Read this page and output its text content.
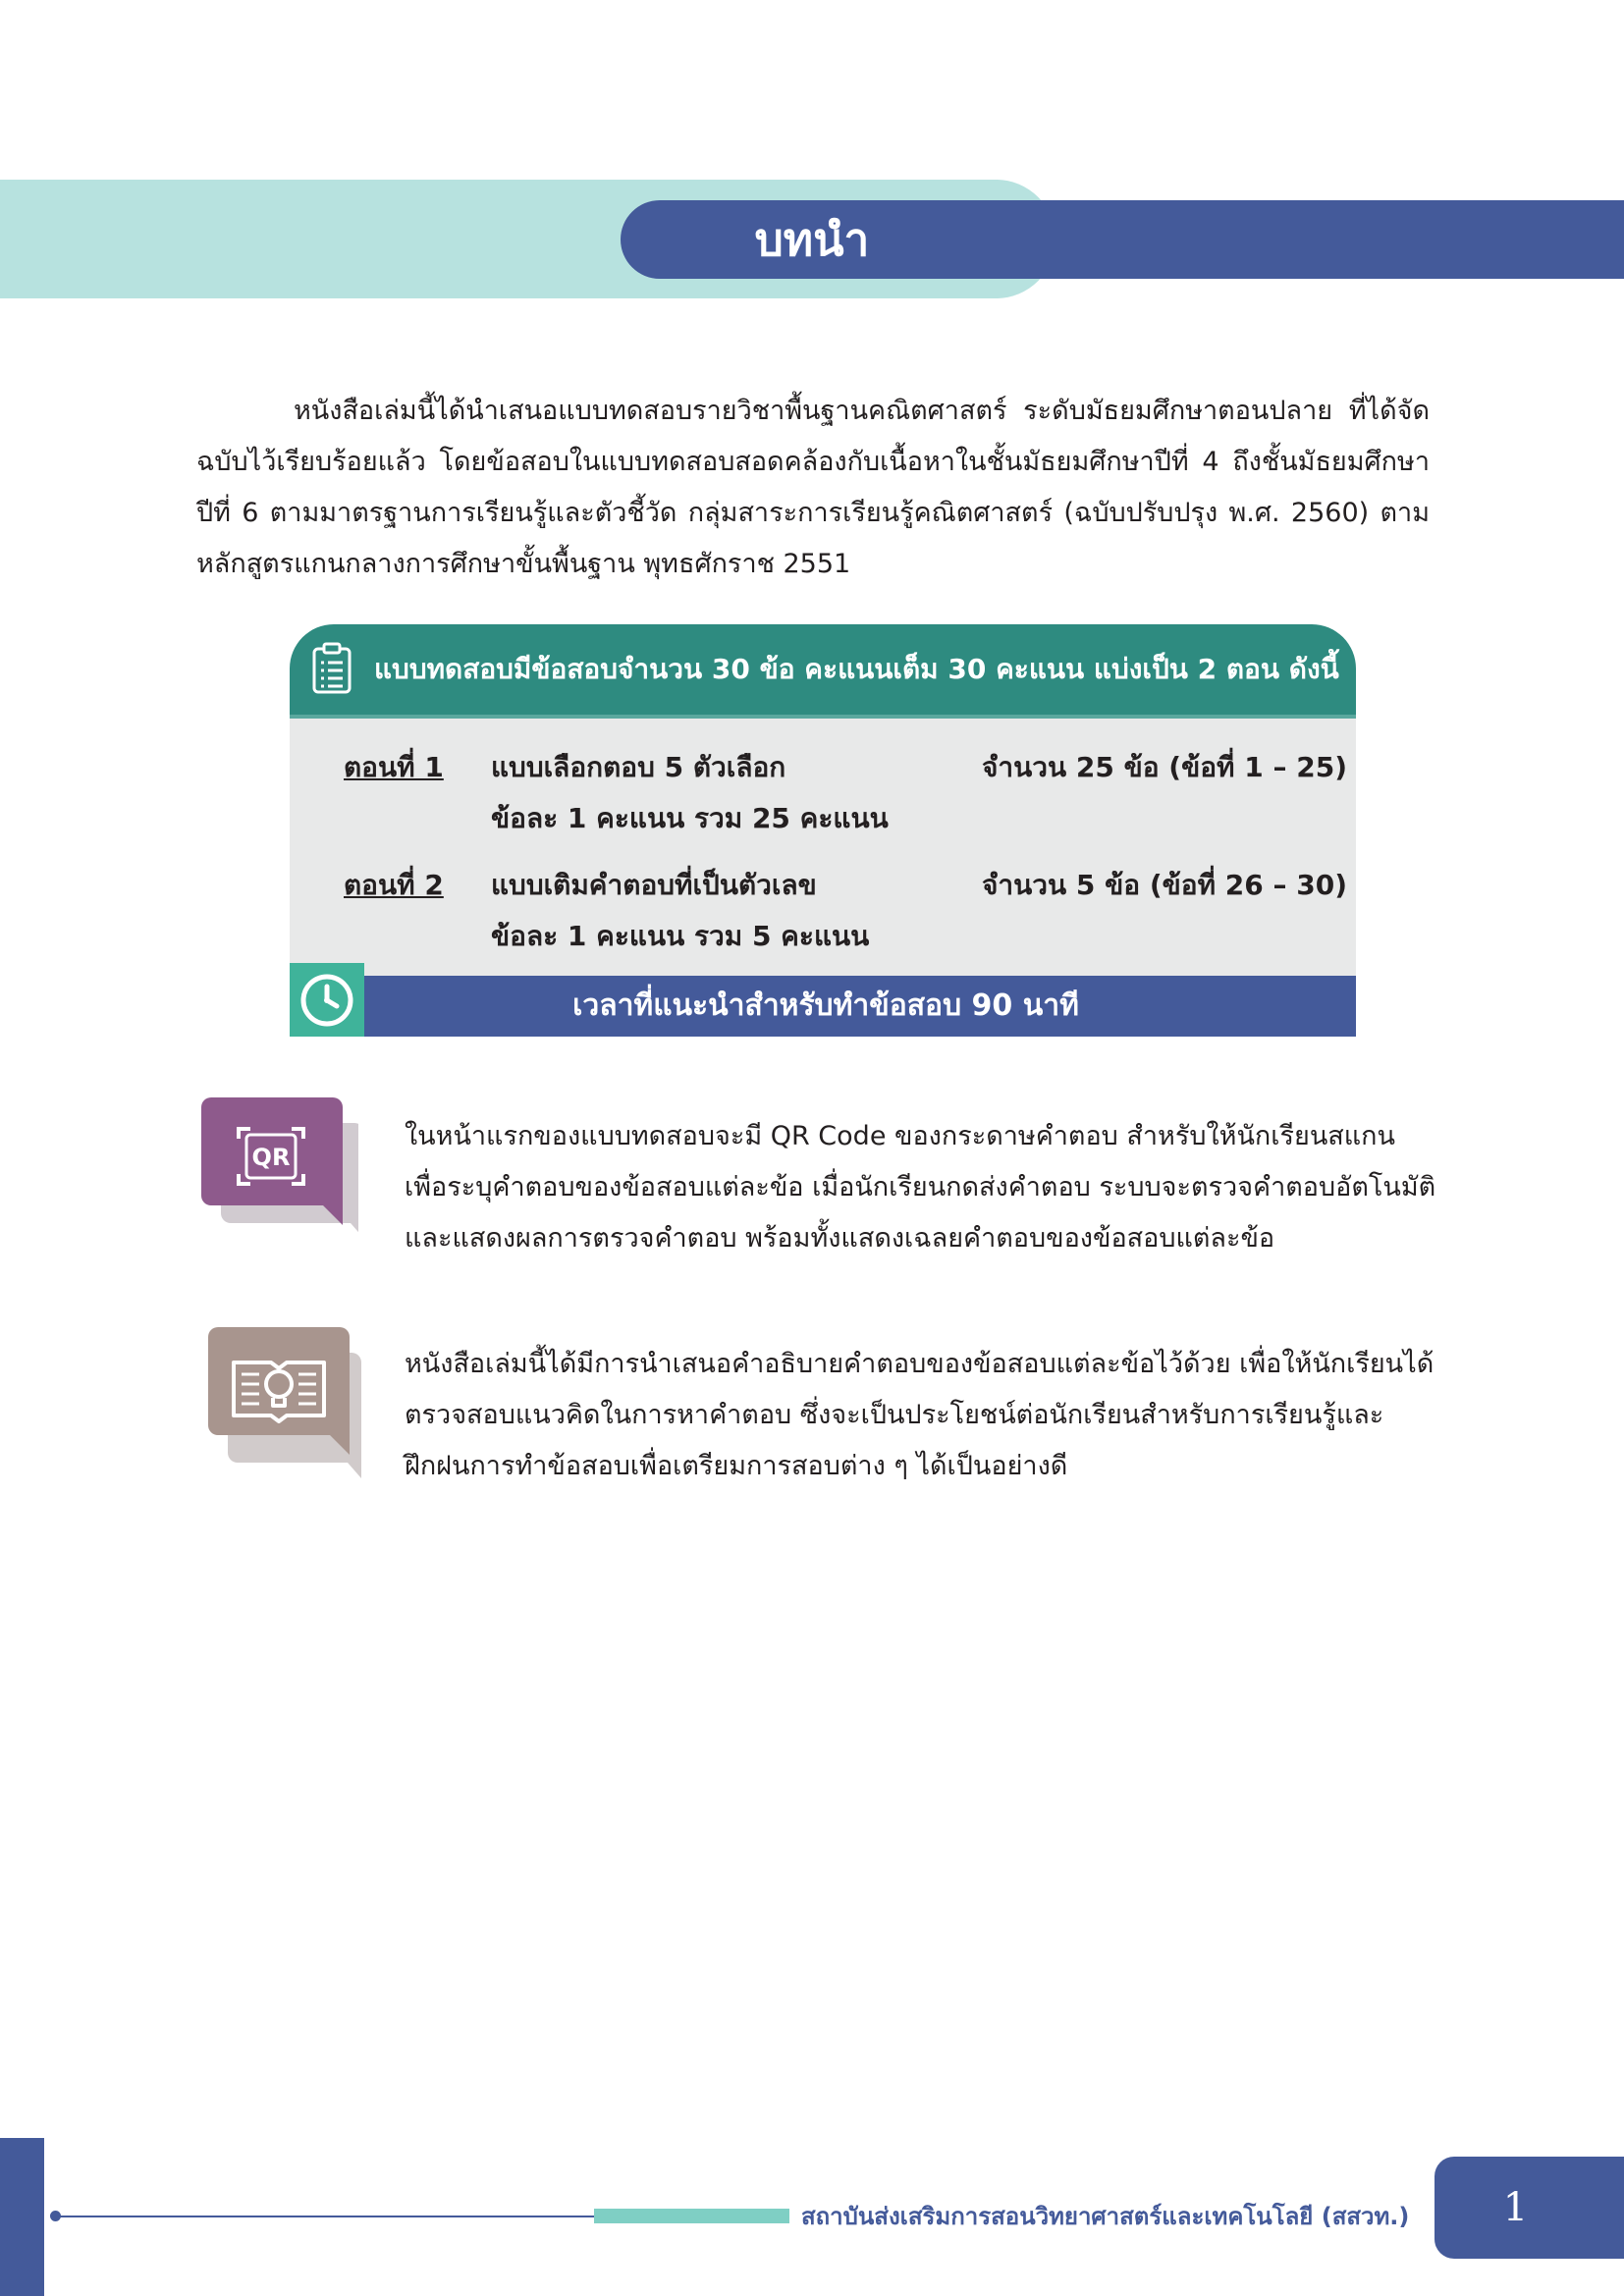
บทนำ

หนังสือเล่มนี้ได้นำเสนอแบบทดสอบรายวิชาพื้นฐานคณิตศาสตร์ ระดับมัธยมศึกษาตอนปลาย ที่ได้จัดฉบับไว้เรียบร้อยแล้ว โดยข้อสอบในแบบทดสอบสอดคล้องกับเนื้อหาในชั้นมัธยมศึกษาปีที่ 4 ถึงชั้นมัธยมศึกษาปีที่ 6 ตามมาตรฐานการเรียนรู้และตัวชี้วัด กลุ่มสาระการเรียนรู้คณิตศาสตร์ (ฉบับปรับปรุง พ.ศ. 2560) ตามหลักสูตรแกนกลางการศึกษาขั้นพื้นฐาน พุทธศักราช 2551

แบบทดสอบมีข้อสอบจำนวน 30 ข้อ คะแนนเต็ม 30 คะแนน แบ่งเป็น 2 ตอน ดังนี้
ตอนที่ 1 แบบเลือกตอบ 5 ตัวเลือก
ข้อละ 1 คะแนน รวม 25 คะแนน
จำนวน 25 ข้อ (ข้อที่ 1 – 25)
ตอนที่ 2 แบบเติมคำตอบที่เป็นตัวเลข
ข้อละ 1 คะแนน รวม 5 คะแนน
จำนวน 5 ข้อ (ข้อที่ 26 – 30)
เวลาที่แนะนำสำหรับทำข้อสอบ 90 นาที
QR
ในหน้าแรกของแบบทดสอบจะมี QR Code ของกระดาษคำตอบ สำหรับให้นักเรียนสแกน
เพื่อระบุคำตอบของข้อสอบแต่ละข้อ เมื่อนักเรียนกดส่งคำตอบ ระบบจะตรวจคำตอบอัตโนมัติ
และแสดงผลการตรวจคำตอบ พร้อมทั้งแสดงเฉลยคำตอบของข้อสอบแต่ละข้อ
หนังสือเล่มนี้ได้มีการนำเสนอคำอธิบายคำตอบของข้อสอบแต่ละข้อไว้ด้วย เพื่อให้นักเรียนได้
ตรวจสอบแนวคิดในการหาคำตอบ ซึ่งจะเป็นประโยชน์ต่อนักเรียนสำหรับการเรียนรู้และ
ฝึกฝนการทำข้อสอบเพื่อเตรียมการสอบต่าง ๆ ได้เป็นอย่างดี
สถาบันส่งเสริมการสอนวิทยาศาสตร์และเทคโนโลยี (สสวท.)	1
